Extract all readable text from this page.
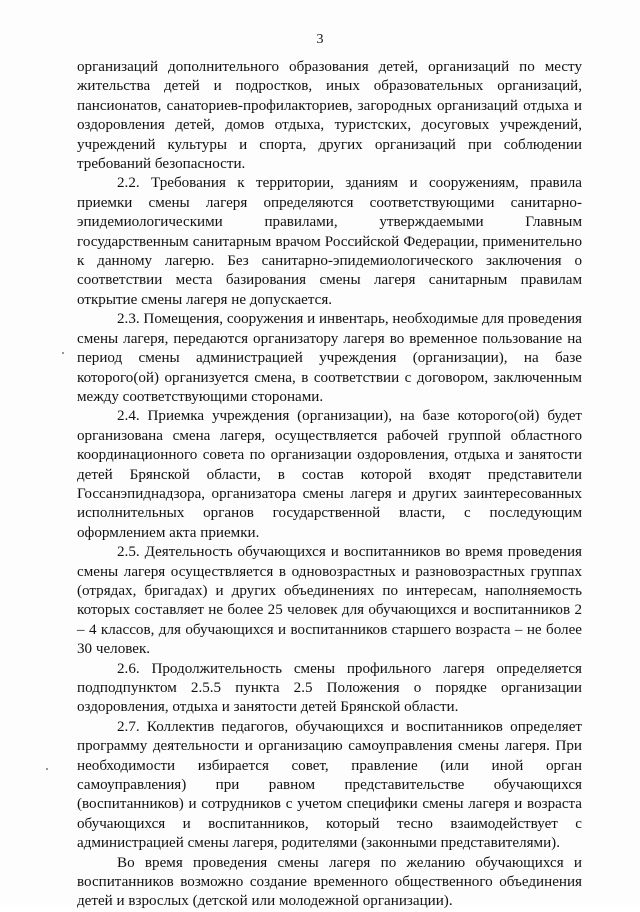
3

организаций дополнительного образования детей, организаций по месту жительства детей и подростков, иных образовательных организаций, пансионатов, санаториев-профилакториев, загородных организаций отдыха и оздоровления детей, домов отдыха, туристских, досуговых учреждений, учреждений культуры и спорта, других организаций при соблюдении требований безопасности.

2.2. Требования к территории, зданиям и сооружениям, правила приемки смены лагеря определяются соответствующими санитарно-эпидемиологическими правилами, утверждаемыми Главным государственным санитарным врачом Российской Федерации, применительно к данному лагерю. Без санитарно-эпидемиологического заключения о соответствии места базирования смены лагеря санитарным правилам открытие смены лагеря не допускается.

2.3. Помещения, сооружения и инвентарь, необходимые для проведения смены лагеря, передаются организатору лагеря во временное пользование на период смены администрацией учреждения (организации), на базе которого(ой) организуется смена, в соответствии с договором, заключенным между соответствующими сторонами.

2.4. Приемка учреждения (организации), на базе которого(ой) будет организована смена лагеря, осуществляется рабочей группой областного координационного совета по организации оздоровления, отдыха и занятости детей Брянской области, в состав которой входят представители Госсанэпиднадзора, организатора смены лагеря и других заинтересованных исполнительных органов государственной власти, с последующим оформлением акта приемки.

2.5. Деятельность обучающихся и воспитанников во время проведения смены лагеря осуществляется в одновозрастных и разновозрастных группах (отрядах, бригадах) и других объединениях по интересам, наполняемость которых составляет не более 25 человек для обучающихся и воспитанников 2 – 4 классов, для обучающихся и воспитанников старшего возраста – не более 30 человек.

2.6. Продолжительность смены профильного лагеря определяется подподпунктом 2.5.5 пункта 2.5 Положения о порядке организации оздоровления, отдыха и занятости детей Брянской области.

2.7. Коллектив педагогов, обучающихся и воспитанников определяет программу деятельности и организацию самоуправления смены лагеря. При необходимости избирается совет, правление (или иной орган самоуправления) при равном представительстве обучающихся (воспитанников) и сотрудников с учетом специфики смены лагеря и возраста обучающихся и воспитанников, который тесно взаимодействует с администрацией смены лагеря, родителями (законными представителями).

Во время проведения смены лагеря по желанию обучающихся и воспитанников возможно создание временного общественного объединения детей и взрослых (детской или молодежной организации).
